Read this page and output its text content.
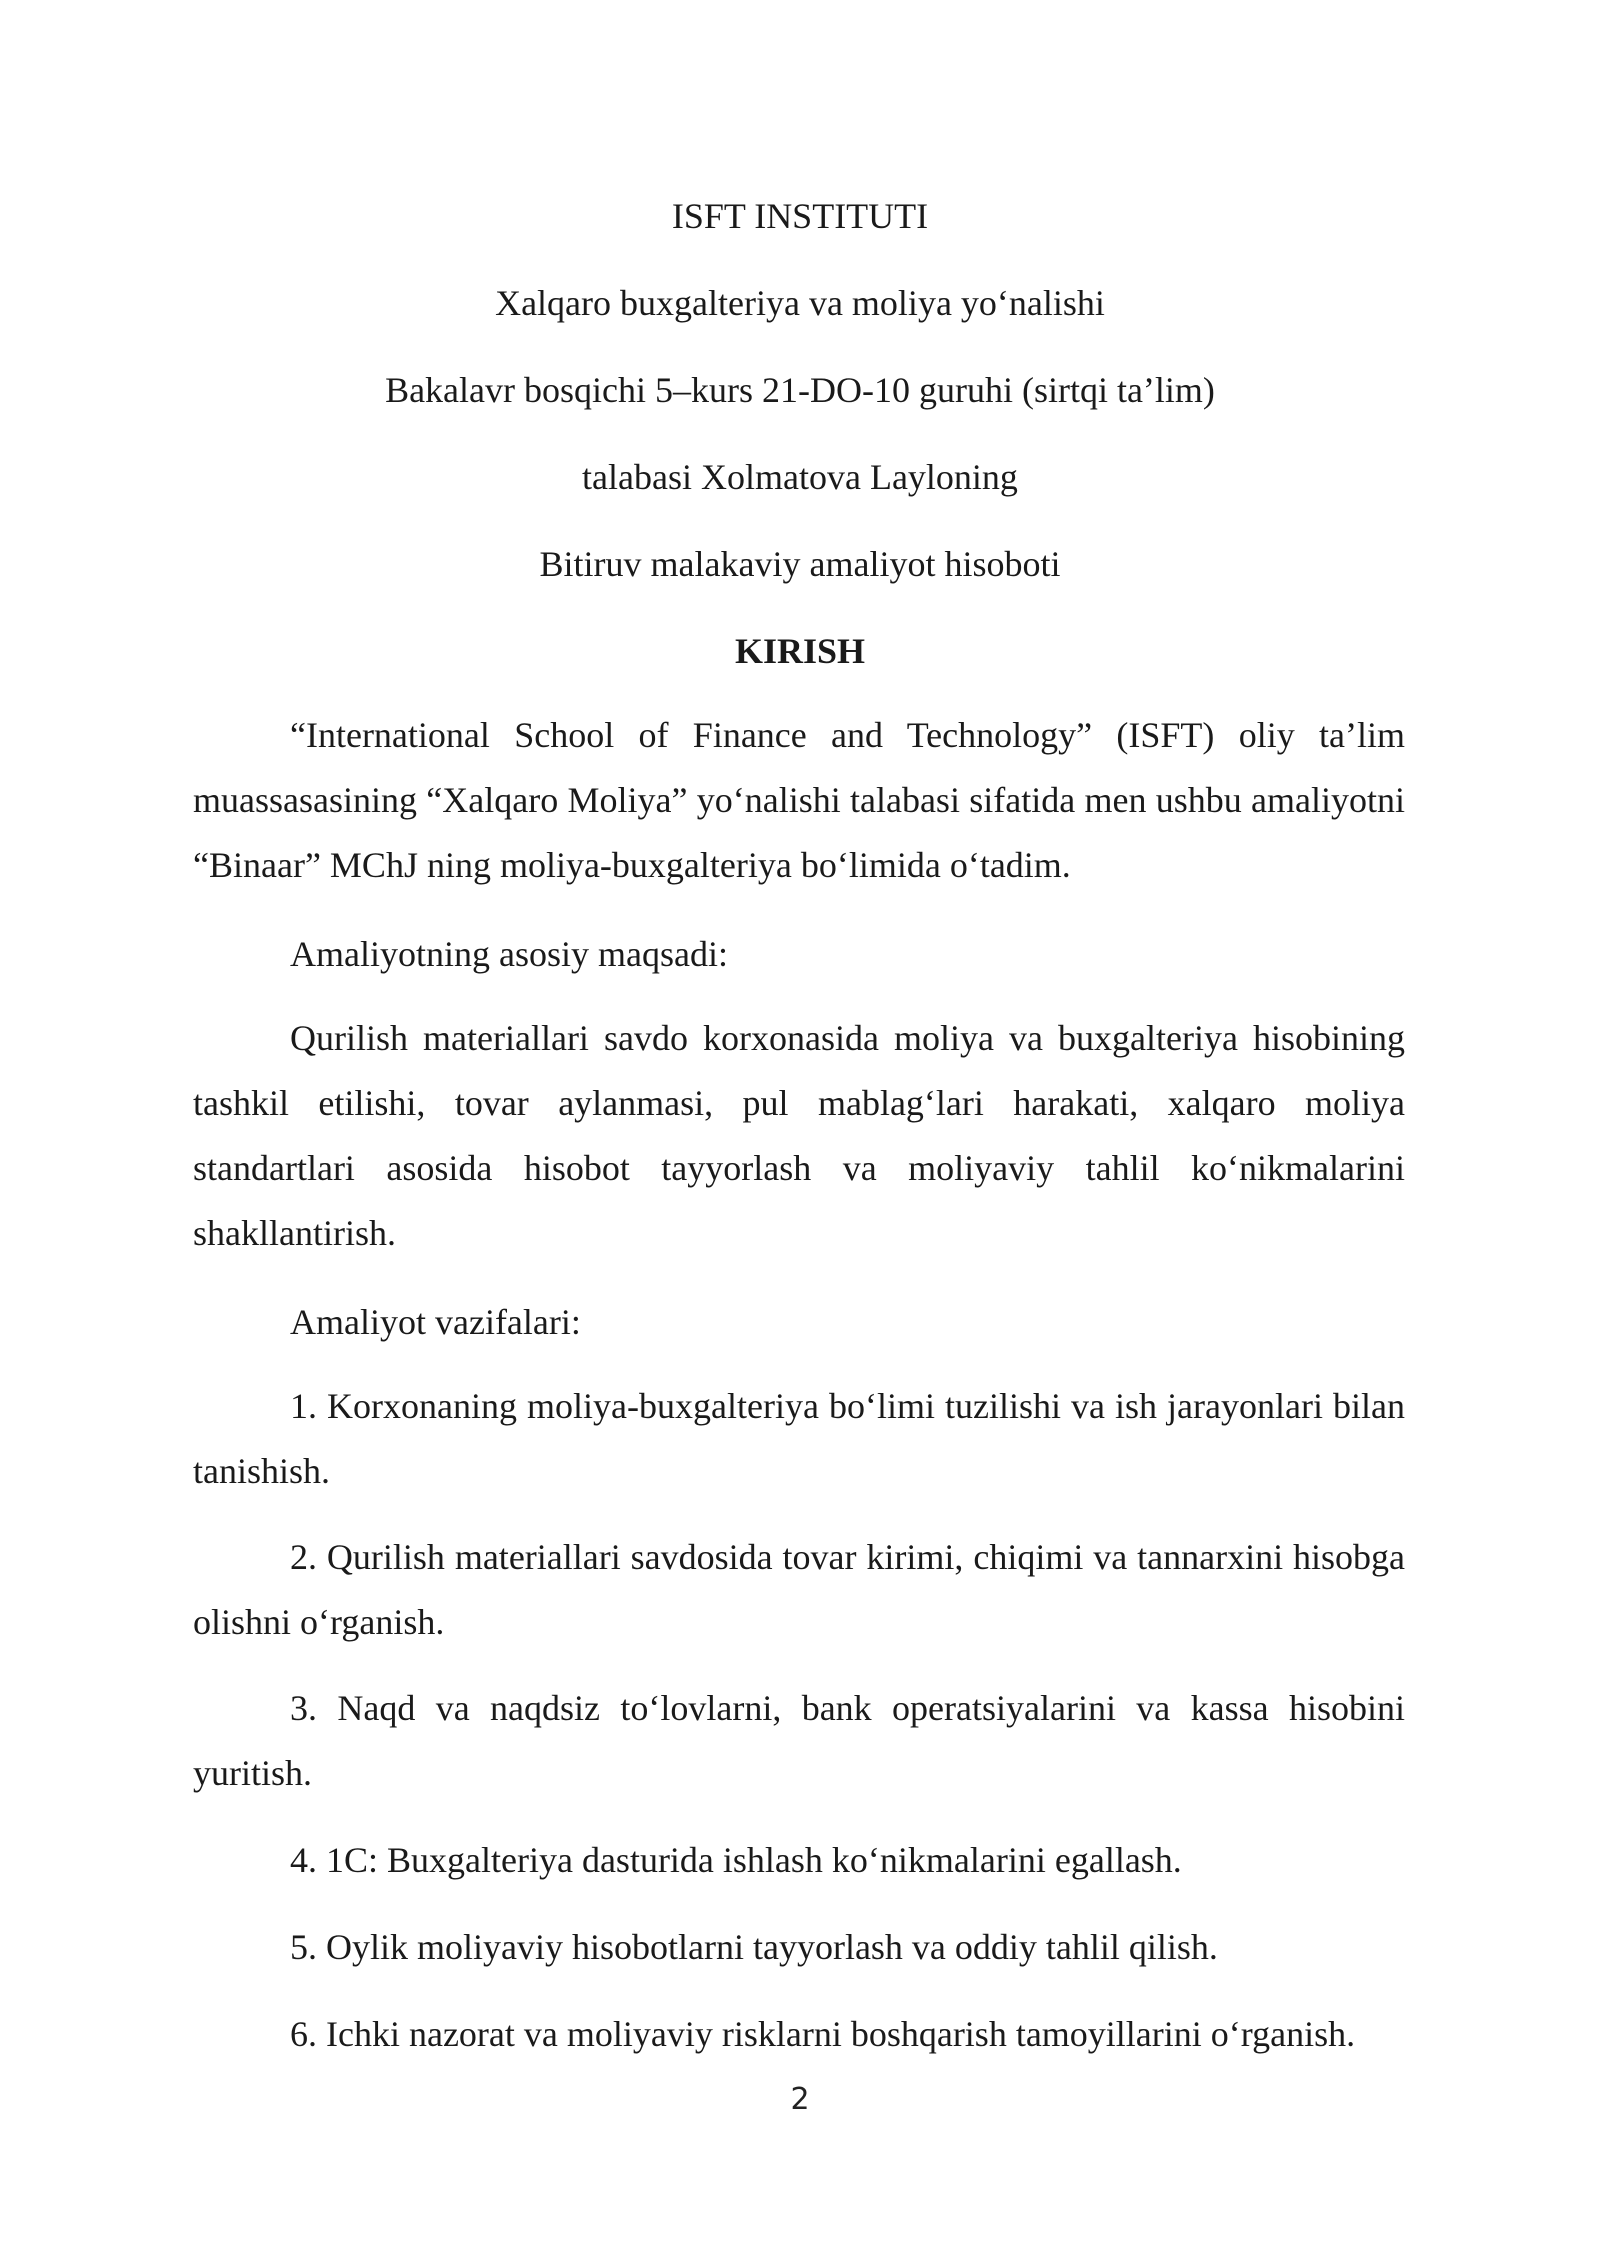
ISFT INSTITUTI
Xalqaro buxgalteriya va moliya yo‘nalishi
Bakalavr bosqichi 5–kurs 21-DO-10 guruhi (sirtqi ta’lim)
talabasi Xolmatova Layloning
Bitiruv malakaviy amaliyot hisoboti
KIRISH
“International School of Finance and Technology” (ISFT) oliy ta’lim muassasasining “Xalqaro Moliya” yo‘nalishi talabasi sifatida men ushbu amaliyotni “Binaar” MChJ ning moliya-buxgalteriya bo‘limida o‘tadim.
Amaliyotning asosiy maqsadi:
Qurilish materiallari savdo korxonasida moliya va buxgalteriya hisobining tashkil etilishi, tovar aylanmasi, pul mablag‘lari harakati, xalqaro moliya standartlari asosida hisobot tayyorlash va moliyaviy tahlil ko‘nikmalarini shakllantirish.
Amaliyot vazifalari:
1. Korxonaning moliya-buxgalteriya bo‘limi tuzilishi va ish jarayonlari bilan tanishish.
2. Qurilish materiallari savdosida tovar kirimi, chiqimi va tannarxini hisobga olishni o‘rganish.
3. Naqd va naqdsiz to‘lovlarni, bank operatsiyalarini va kassa hisobini yuritish.
4. 1C: Buxgalteriya dasturida ishlash ko‘nikmalarini egallash.
5. Oylik moliyaviy hisobotlarni tayyorlash va oddiy tahlil qilish.
6. Ichki nazorat va moliyaviy risklarni boshqarish tamoyillarini o‘rganish.
2
